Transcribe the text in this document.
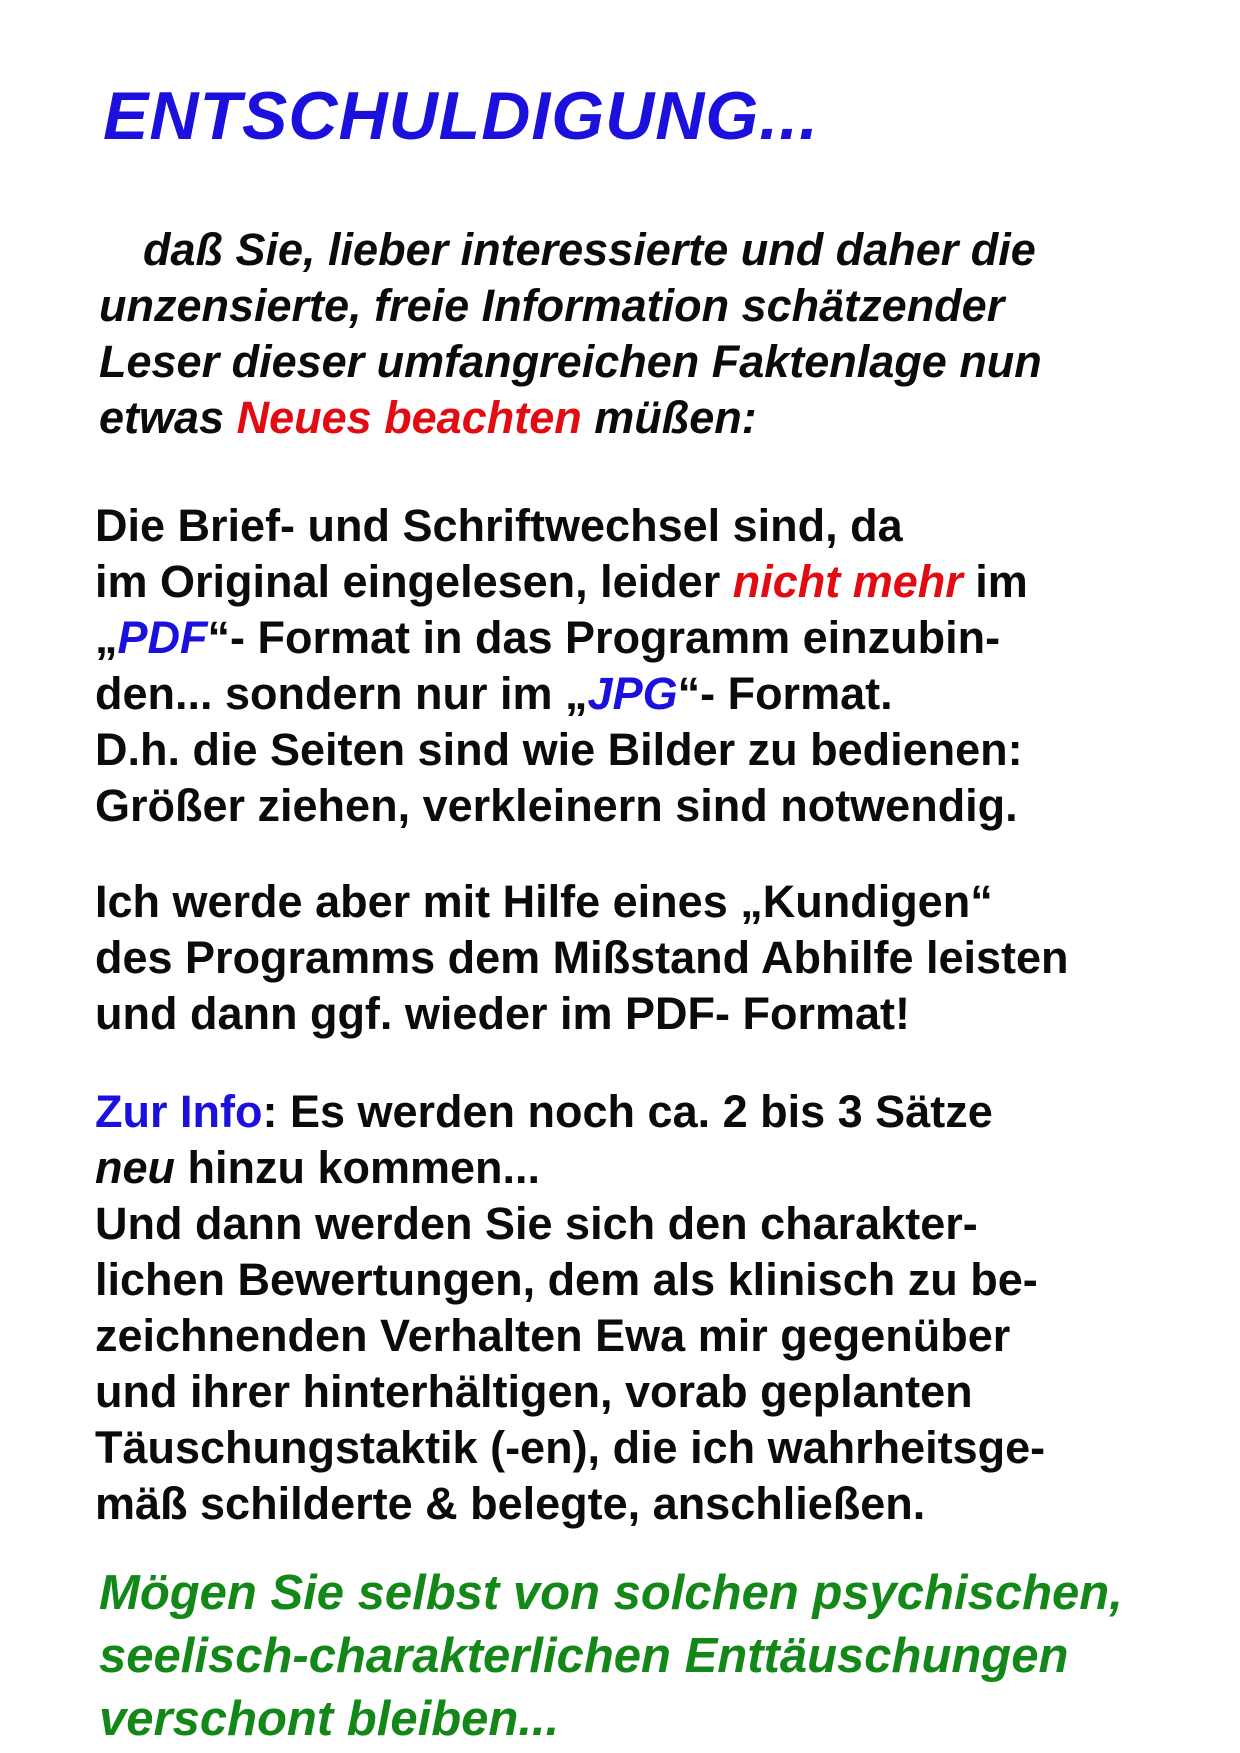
ENTSCHULDIGUNG...
daß Sie, lieber interessierte und daher die
unzensierte, freie Information schätzender
Leser dieser umfangreichen Faktenlage nun
etwas Neues beachten müßen:
Die Brief- und Schriftwechsel sind, da
im Original eingelesen, leider nicht mehr im
„PDF“- Format in das Programm einzubin-
den... sondern nur im „JPG“- Format.
D.h. die Seiten sind wie Bilder zu bedienen:
Größer ziehen, verkleinern sind notwendig.
Ich werde aber mit Hilfe eines „Kundigen“
des Programms dem Mißstand Abhilfe leisten
und dann ggf. wieder im PDF- Format!
Zur Info: Es werden noch ca. 2 bis 3 Sätze
neu hinzu kommen...
Und dann werden Sie sich den charakter-
lichen Bewertungen, dem als klinisch zu be-
zeichnenden Verhalten Ewa mir gegenüber
und ihrer hinterhältigen, vorab geplanten
Täuschungstaktik (-en), die ich wahrheitsge-
mäß schilderte & belegte, anschließen.
Mögen Sie selbst von solchen psychischen,
seelisch-charakterlichen Enttäuschungen
verschont bleiben...
